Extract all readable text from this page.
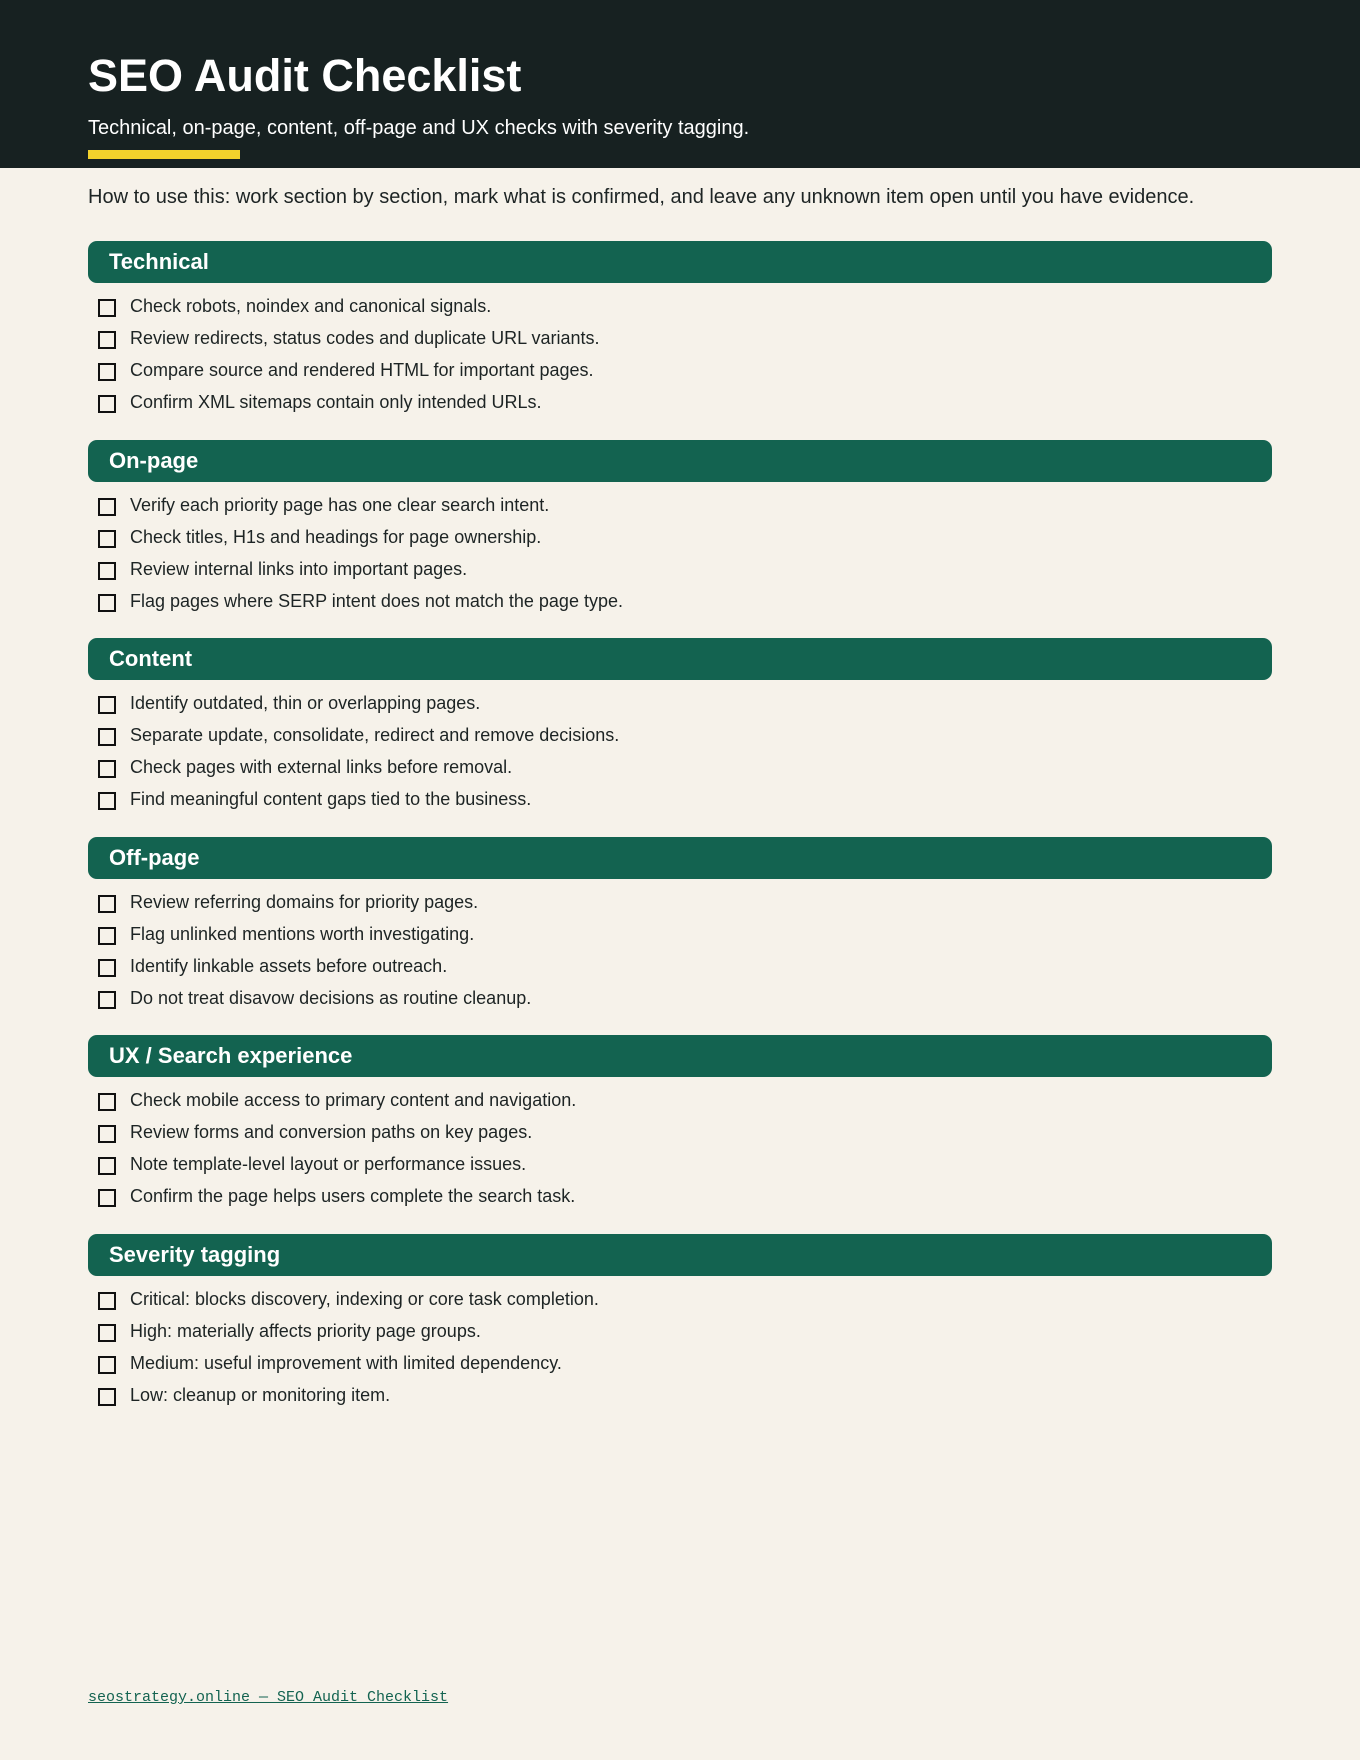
SEO Audit Checklist
Technical, on-page, content, off-page and UX checks with severity tagging.

How to use this: work section by section, mark what is confirmed, and leave any unknown item open until you have evidence.

Technical
Check robots, noindex and canonical signals.
Review redirects, status codes and duplicate URL variants.
Compare source and rendered HTML for important pages.
Confirm XML sitemaps contain only intended URLs.
On-page
Verify each priority page has one clear search intent.
Check titles, H1s and headings for page ownership.
Review internal links into important pages.
Flag pages where SERP intent does not match the page type.
Content
Identify outdated, thin or overlapping pages.
Separate update, consolidate, redirect and remove decisions.
Check pages with external links before removal.
Find meaningful content gaps tied to the business.
Off-page
Review referring domains for priority pages.
Flag unlinked mentions worth investigating.
Identify linkable assets before outreach.
Do not treat disavow decisions as routine cleanup.
UX / Search experience
Check mobile access to primary content and navigation.
Review forms and conversion paths on key pages.
Note template-level layout or performance issues.
Confirm the page helps users complete the search task.
Severity tagging
Critical: blocks discovery, indexing or core task completion.
High: materially affects priority page groups.
Medium: useful improvement with limited dependency.
Low: cleanup or monitoring item.
seostrategy.online — SEO Audit Checklist
